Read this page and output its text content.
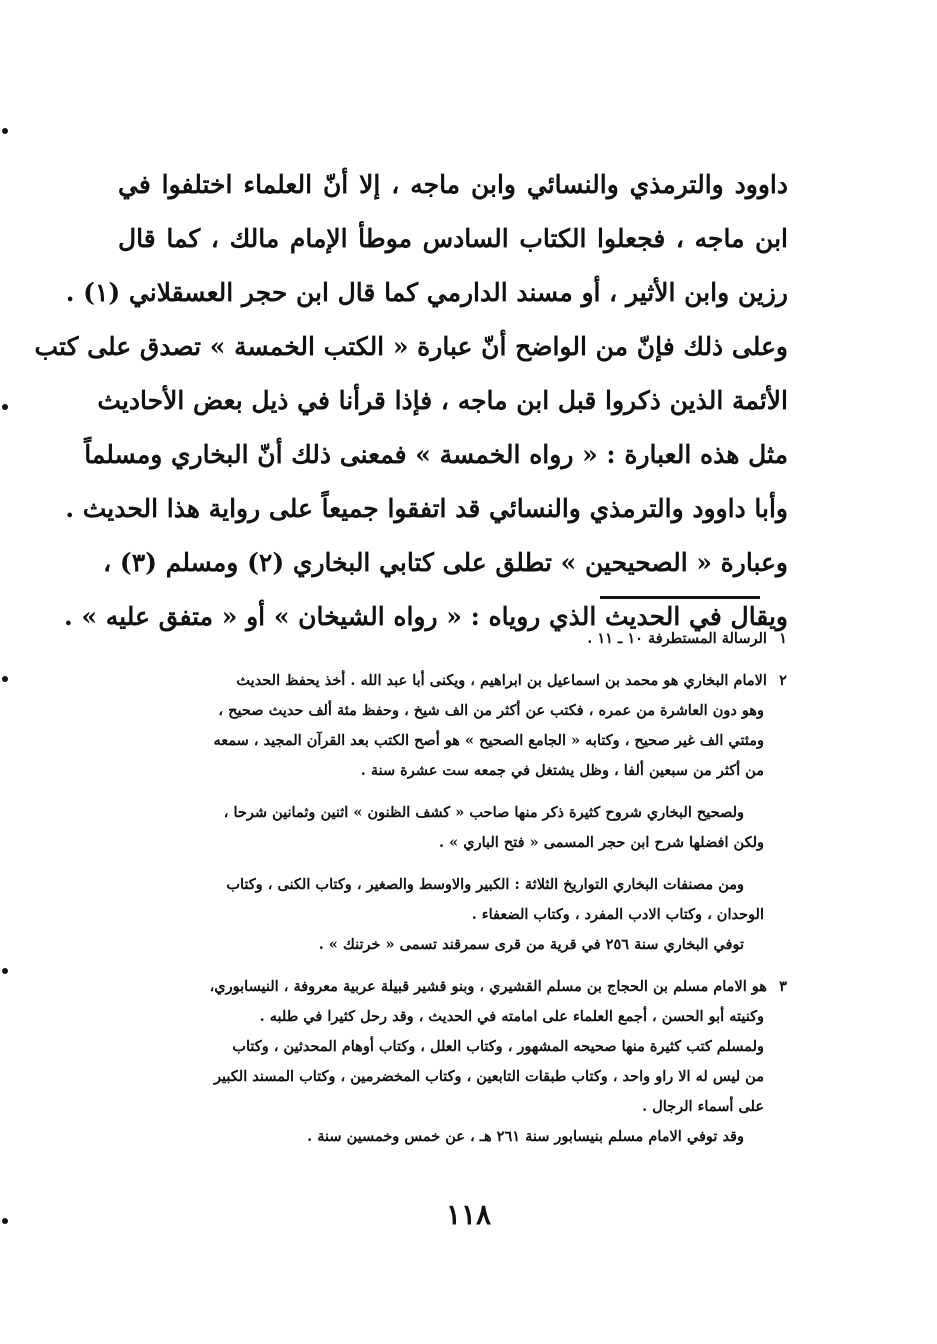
داوود والترمذي والنسائي وابن ماجه ، إلا أنّ العلماء اختلفوا في
ابن ماجه ، فجعلوا الكتاب السادس موطأ الإمام مالك ، كما قال
رزين وابن الأثير ، أو مسند الدارمي كما قال ابن حجر العسقلاني (١) .
وعلى ذلك فإنّ من الواضح أنّ عبارة « الكتب الخمسة » تصدق على كتب
الأئمة الذين ذكروا قبل ابن ماجه ، فإذا قرأنا في ذيل بعض الأحاديث
مثل هذه العبارة : « رواه الخمسة » فمعنى ذلك أنّ البخاري ومسلماً
وأبا داوود والترمذي والنسائي قد اتفقوا جميعاً على رواية هذا الحديث .
وعبارة « الصحيحين » تطلق على كتابي البخاري (٢) ومسلم (٣) ،
ويقال في الحديث الذي روياه : « رواه الشيخان » أو « متفق عليه » .
١ الرسالة المستطرفة ١٠ ـ ١١ .
٢ الامام البخاري هو محمد بن اسماعيل بن ابراهيم ، ويكنى أبا عبد الله . أخذ يحفظ الحديث
وهو دون العاشرة من عمره ، فكتب عن أكثر من الف شيخ ، وحفظ مئة ألف حديث صحيح ،
ومئتي الف غير صحيح ، وكتابه « الجامع الصحيح » هو أصح الكتب بعد القرآن المجيد ، سمعه
من أكثر من سبعين ألفا ، وظل يشتغل في جمعه ست عشرة سنة .
ولصحيح البخاري شروح كثيرة ذكر منها صاحب « كشف الظنون » اثنين وثمانين شرحا ،
ولكن افضلها شرح ابن حجر المسمى « فتح الباري » .
ومن مصنفات البخاري التواريخ الثلاثة : الكبير والاوسط والصغير ، وكتاب الكنى ، وكتاب
الوحدان ، وكتاب الادب المفرد ، وكتاب الضعفاء .
توفي البخاري سنة ٢٥٦ في قرية من قرى سمرقند تسمى « خرتنك » .
٣ هو الامام مسلم بن الحجاج بن مسلم القشيري ، وبنو قشير قبيلة عربية معروفة ، النيسابوري،
وكنيته أبو الحسن ، أجمع العلماء على امامته في الحديث ، وقد رحل كثيرا في طلبه .
ولمسلم كتب كثيرة منها صحيحه المشهور ، وكتاب العلل ، وكتاب أوهام المحدثين ، وكتاب
من ليس له الا راو واحد ، وكتاب طبقات التابعين ، وكتاب المخضرمين ، وكتاب المسند الكبير
على أسماء الرجال .
وقد توفي الامام مسلم بنيسابور سنة ٢٦١ هـ ، عن خمس وخمسين سنة .
١١٨
